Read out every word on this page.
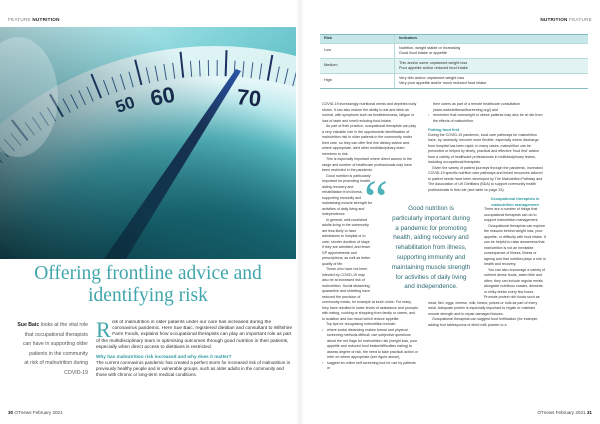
FEATURE NUTRITION
Offering frontline advice and
identifying risk
Sue Baic looks at the vital role
that occupational therapists
can have in supporting older
patients in the community
at risk of malnutrition during
COVID-19

Risk of malnutrition in older patients under our care has increased during the coronavirus pandemic. Here Sue Baic, registered dietitian and consultant to Wiltshire Farm Foods, explains how occupational therapists can play an important role as part of the multidisciplinary team in optimising outcomes through good nutrition in their patients, especially when direct access to dietitians is restricted.

Why has malnutrition risk increased and why does it matter?

The current coronavirus pandemic has created a perfect storm for increased risk of malnutrition in previously healthy people and in vulnerable groups, such as older adults in the community and those with chronic or long-term medical conditions.

30 OTnews February 2021
NUTRITION FEATURE
Risk	Indicators
Low
Nutrition, weight stable or increasing
Good food intake or appetite
Medium
Thin and/or some unplanned weight loss
Poor appetite and/or reduced food intake
High
Very thin and/or unplanned weight loss
Very poor appetite and/or much reduced food intake

COVID-19 increasingly nutritional needs and depletes body stores. It can also reduce the ability to eat and drink as normal, with symptoms such as breathlessness, fatigue or loss of taste and smell reducing food intake.

As part of their practice, occupational therapists can play a very valuable role in the opportunistic identification of malnutrition risk in older patients in the community under their care, so they can offer first line dietary advice and, where appropriate, alert other multidisciplinary team members to risk.

This is especially important where direct access to the range and number of healthcare professionals may have been restricted in the pandemic.

Good nutrition is particularly important for promoting health, aiding recovery and rehabilitation from illness, supporting immunity and maintaining muscle strength for activities of daily living and independence.

In general, well-nourished adults living in the community are less likely to have admissions to hospital or to care, shorter duration of stays if they are admitted, and fewer GP appointments and prescriptions, as well as better quality of life.

Those who have not been infected by COVID-19 may also be at increased risk of malnutrition. Social distancing, quarantine and shielding have reduced the provision of community meals, for example at lunch clubs. For many, they have resulted in lower levels of assistance and prompts with eating, cooking or shopping from family or carers, and to isolation and low mood which reduce appetite.

Top tips for recognising malnutrition include:

• where social distancing makes formal and physical screening methods difficult, use subjective questions about the red flags for malnutrition risk (weight loss, poor appetite and reduced food intake/difficulties eating) to assess degree of risk, the need to take practical action or refer on where appropriate (see figure above),
• suggest an online self-screening tool for use by patients or

their carers as part of a remote healthcare consultation (www.malnutritionselfscreening.org/) and

• remember that overweight or obese patients may also be at risk from the effects of malnutrition.

Putting food first

During the COVID-19 pandemic, local care pathways for malnutrition have, by necessity, become more flexible, especially where discharge from hospital has been rapid. In many cases, malnutrition can be prevented or helped by timely, practical and effective 'food first' advice from a variety of healthcare professionals in multidisciplinary teams, including occupational therapists.

Given the variety of patient journeys through the pandemic, increased COVID-19 specific nutrition care pathways and linked resources tailored to patient needs have been developed by The Malnutrition Pathway and The Association of UK Dietitians (BDA) to support community health professionals in this role (see table on page 33).

Occupational therapists in malnutrition management

There are a number of things that occupational therapists can do to support malnutrition management.

Occupational therapists can explore the reasons behind weight loss, poor appetite, or difficulty with food intake. It can be helpful to raise awareness that malnutrition is not an inevitable consequence of illness, illness or ageing and that nutrition plays a role in health and recovery.

You can also encourage a variety of nutrient dense foods, eaten little and often; they can include regular meals alongside nutritious snacks, desserts or milky drinks every few hours. Promote protein rich foods such as meat, fish, eggs, cheese, milk, beans, pulses or nuts as part of every meal. Adequate protein is especially important to regain or maintain muscle strength and to repair damaged tissues.

Occupational therapists can suggest food fortification (for example, adding four tablespoons of dried milk powder to a

“	Good nutrition is
particularly important during
a pandemic for promoting
health, aiding recovery and
rehabilitation from illness,
supporting immunity and
maintaining muscle strength
for activities of daily living
and independence.
OTnews February 2021 31
